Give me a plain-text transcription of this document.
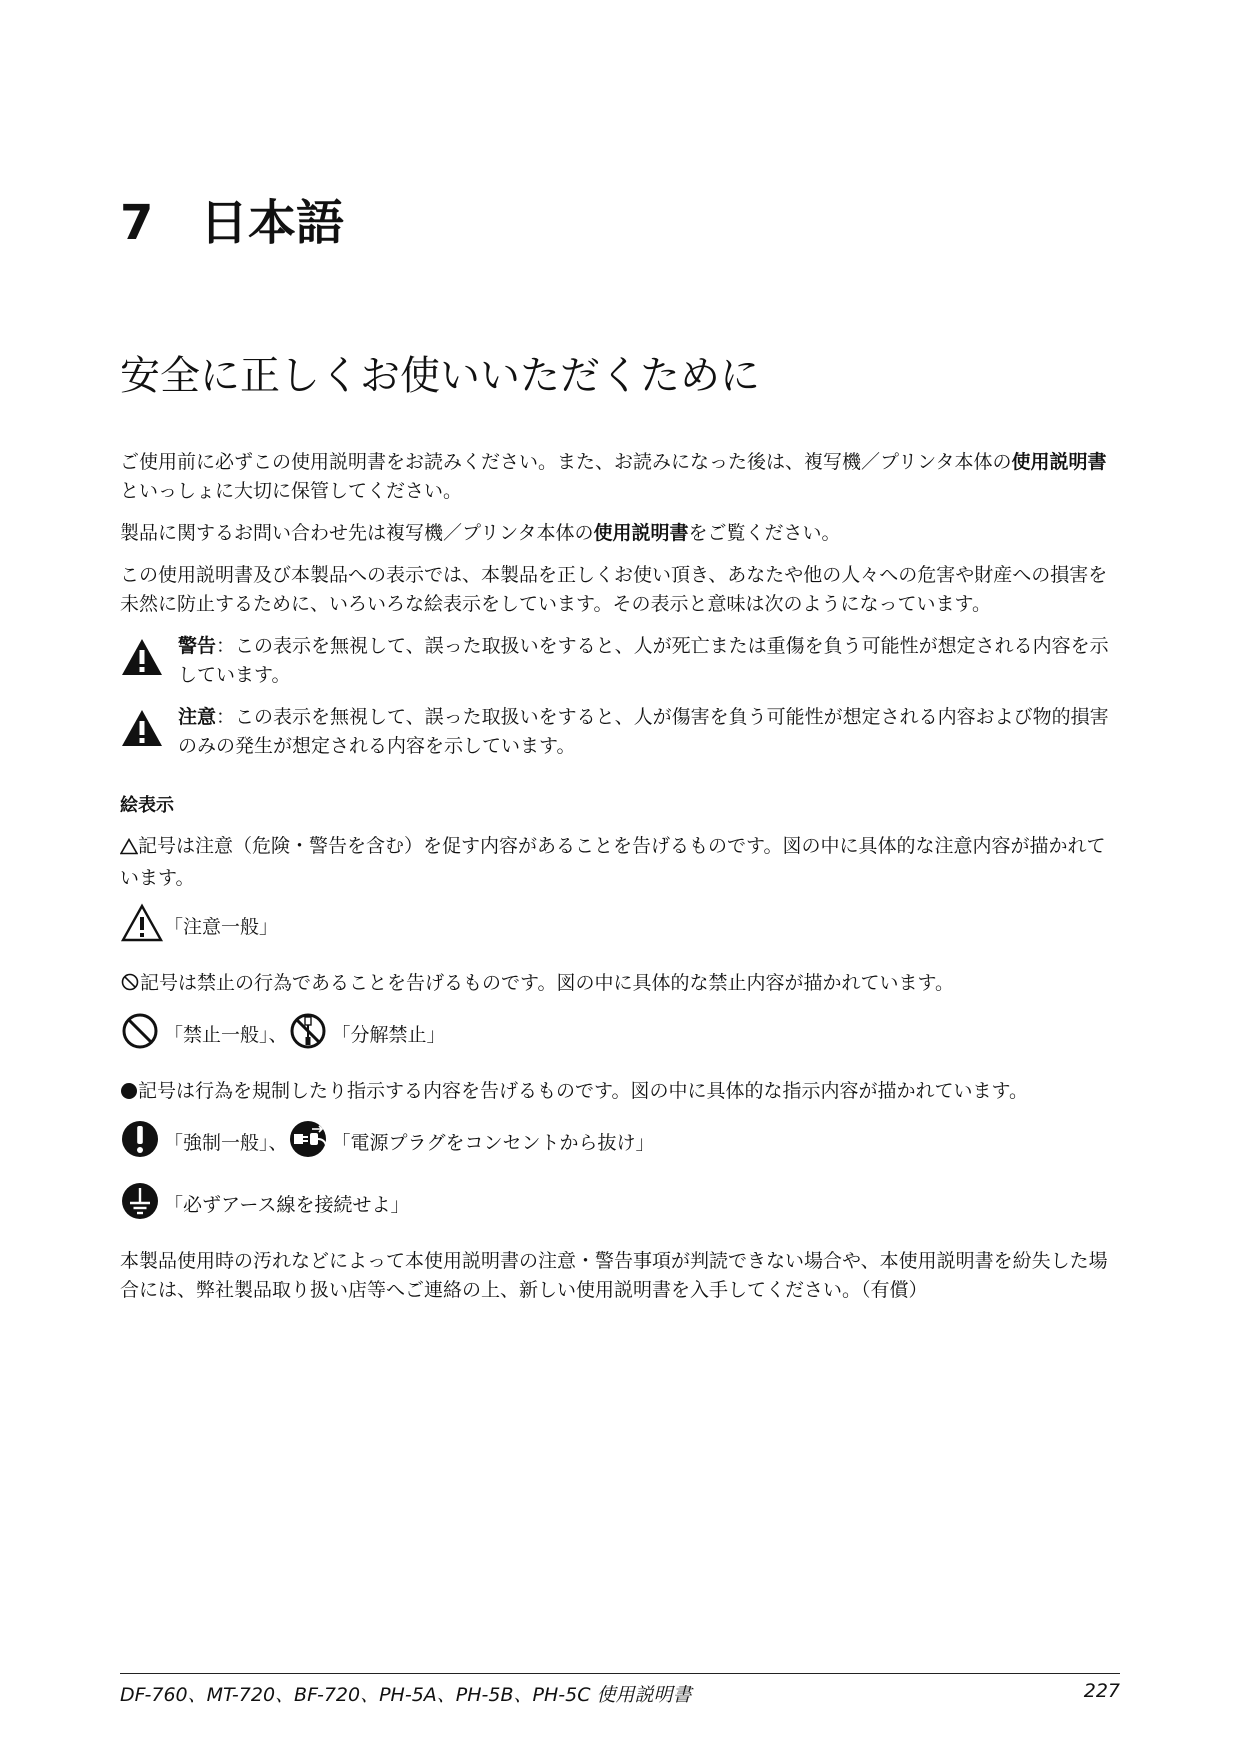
7 日本語
安全に正しくお使いいただくために

ご使用前に必ずこの使用説明書をお読みください。また、お読みになった後は、複写機／プリンタ本体の使用説明書といっしょに大切に保管してください。

製品に関するお問い合わせ先は複写機／プリンタ本体の使用説明書をご覧ください。

この使用説明書及び本製品への表示では、本製品を正しくお使い頂き、あなたや他の人々への危害や財産への損害を未然に防止するために、いろいろな絵表示をしています。その表示と意味は次のようになっています。

警告：この表示を無視して、誤った取扱いをすると、人が死亡または重傷を負う可能性が想定される内容を示しています。
注意：この表示を無視して、誤った取扱いをすると、人が傷害を負う可能性が想定される内容および物的損害のみの発生が想定される内容を示しています。
絵表示

記号は注意（危険・警告を含む）を促す内容があることを告げるものです。図の中に具体的な注意内容が描かれています。

「注意一般」

記号は禁止の行為であることを告げるものです。図の中に具体的な禁止内容が描かれています。

「禁止一般」、 「分解禁止」

記号は行為を規制したり指示する内容を告げるものです。図の中に具体的な指示内容が描かれています。

「強制一般」、 「電源プラグをコンセントから抜け」
「必ずアース線を接続せよ」

本製品使用時の汚れなどによって本使用説明書の注意・警告事項が判読できない場合や、本使用説明書を紛失した場合には、弊社製品取り扱い店等へご連絡の上、新しい使用説明書を入手してください。（有償）

DF-760、MT-720、BF-720、PH-5A、PH-5B、PH-5C 使用説明書	227
